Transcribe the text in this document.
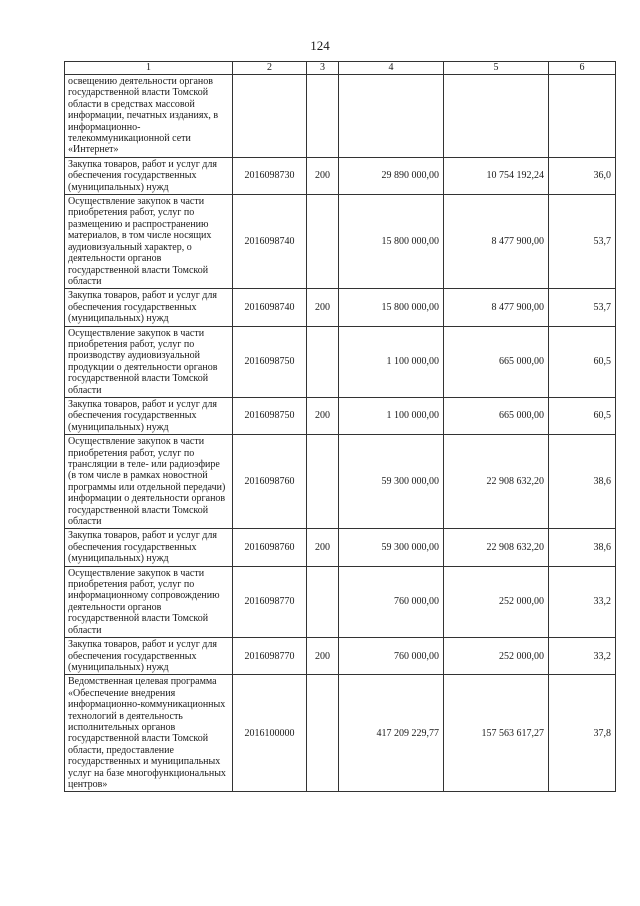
124
1	2	3	4	5	6
освещению деятельности органов государственной власти Томской области в средствах массовой информации, печатных изданиях, в информационно-телекоммуникационной сети «Интернет»					
Закупка товаров, работ и услуг для обеспечения государственных (муниципальных) нужд	2016098730	200	29 890 000,00	10 754 192,24	36,0
Осуществление закупок в части приобретения работ, услуг по размещению и распространению материалов, в том числе носящих аудиовизуальный характер, о деятельности органов государственной власти Томской области	2016098740		15 800 000,00	8 477 900,00	53,7
Закупка товаров, работ и услуг для обеспечения государственных (муниципальных) нужд	2016098740	200	15 800 000,00	8 477 900,00	53,7
Осуществление закупок в части приобретения работ, услуг по производству аудиовизуальной продукции о деятельности органов государственной власти Томской области	2016098750		1 100 000,00	665 000,00	60,5
Закупка товаров, работ и услуг для обеспечения государственных (муниципальных) нужд	2016098750	200	1 100 000,00	665 000,00	60,5
Осуществление закупок в части приобретения работ, услуг по трансляции в теле- или радиоэфире (в том числе в рамках новостной программы или отдельной передачи) информации о деятельности органов государственной власти Томской области	2016098760		59 300 000,00	22 908 632,20	38,6
Закупка товаров, работ и услуг для обеспечения государственных (муниципальных) нужд	2016098760	200	59 300 000,00	22 908 632,20	38,6
Осуществление закупок в части приобретения работ, услуг по информационному сопровождению деятельности органов государственной власти Томской области	2016098770		760 000,00	252 000,00	33,2
Закупка товаров, работ и услуг для обеспечения государственных (муниципальных) нужд	2016098770	200	760 000,00	252 000,00	33,2
Ведомственная целевая программа «Обеспечение внедрения информационно-коммуникационных технологий в деятельность исполнительных органов государственной власти Томской области, предоставление государственных и муниципальных услуг на базе многофункциональных центров»	2016100000		417 209 229,77	157 563 617,27	37,8
